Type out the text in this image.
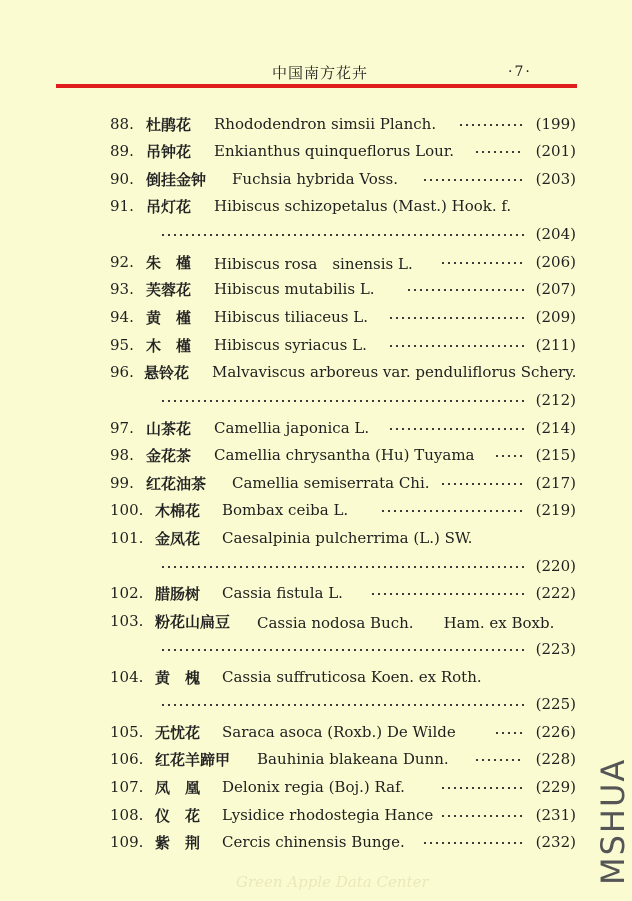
中国南方花卉	·7·
88. 杜鹃花 Rhododendron simsii Planch.	(199)
89. 吊钟花 Enkianthus quinqueflorus Lour.	(201)
90. 倒挂金钟 Fuchsia hybrida Voss.	(203)
91. 吊灯花 Hibiscus schizopetalus (Mast.) Hook. f.
(204)
92. 朱　槿 Hibiscus rosa　sinensis L.	(206)
93. 芙蓉花 Hibiscus mutabilis L.	(207)
94. 黄　槿 Hibiscus tiliaceus L.	(209)
95. 木　槿 Hibiscus syriacus L.	(211)
96. 悬铃花 Malvaviscus arboreus var. penduliflorus Schery.
(212)
97. 山茶花 Camellia japonica L.	(214)
98. 金花茶 Camellia chrysantha (Hu) Tuyama	(215)
99. 红花油茶 Camellia semiserrata Chi.	(217)
100. 木棉花 Bombax ceiba L.	(219)
101. 金凤花 Caesalpinia pulcherrima (L.) SW.
(220)
102. 腊肠树 Cassia fistula L.	(222)
103. 粉花山扁豆 Cassia nodosa Buch.　　Ham. ex Boxb.
(223)
104. 黄　槐 Cassia suffruticosa Koen. ex Roth.
(225)
105. 无忧花 Saraca asoca (Roxb.) De Wilde	(226)
106. 红花羊蹄甲 Bauhinia blakeana Dunn.	(228)
107. 凤　凰 Delonix regia (Boj.) Raf.	(229)
108. 仪　花 Lysidice rhodostegia Hance	(231)
109. 紫　荆 Cercis chinensis Bunge.	(232)
Green Apple Data Center	MSHUA
